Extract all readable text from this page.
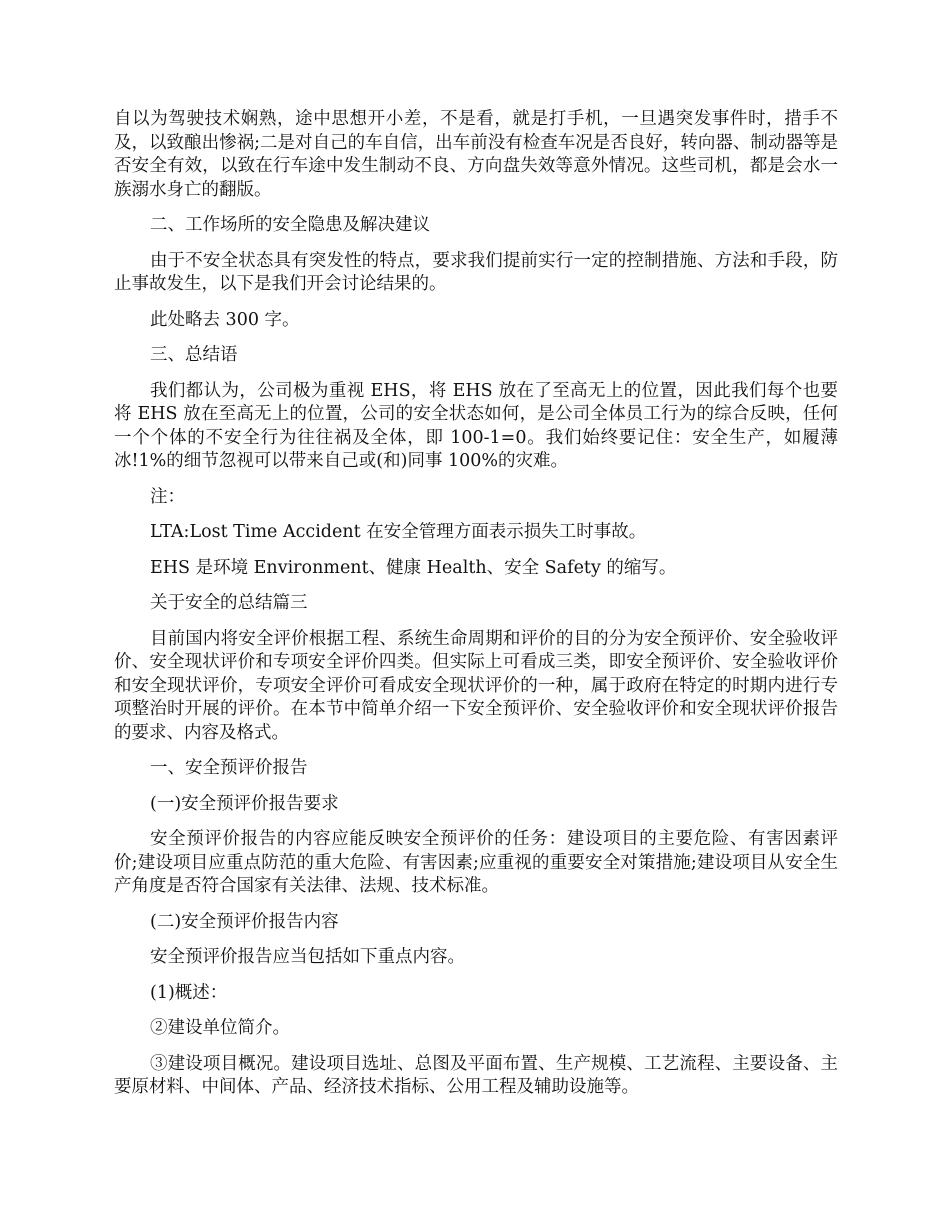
自以为驾驶技术娴熟，途中思想开小差，不是看，就是打手机，一旦遇突发事件时，措手不及，以致酿出惨祸;二是对自己的车自信，出车前没有检查车况是否良好，转向器、制动器等是否安全有效，以致在行车途中发生制动不良、方向盘失效等意外情况。这些司机，都是会水一族溺水身亡的翻版。

二、工作场所的安全隐患及解决建议

由于不安全状态具有突发性的特点，要求我们提前实行一定的控制措施、方法和手段，防止事故发生，以下是我们开会讨论结果的。

此处略去 300 字。

三、总结语

我们都认为，公司极为重视 EHS，将 EHS 放在了至高无上的位置，因此我们每个也要将 EHS 放在至高无上的位置，公司的安全状态如何，是公司全体员工行为的综合反映，任何一个个体的不安全行为往往祸及全体，即 100-1=0。我们始终要记住：安全生产，如履薄冰!1%的细节忽视可以带来自己或(和)同事 100%的灾难。

注：

LTA:Lost Time Accident 在安全管理方面表示损失工时事故。

EHS 是环境 Environment、健康 Health、安全 Safety 的缩写。

关于安全的总结篇三

目前国内将安全评价根据工程、系统生命周期和评价的目的分为安全预评价、安全验收评价、安全现状评价和专项安全评价四类。但实际上可看成三类，即安全预评价、安全验收评价和安全现状评价，专项安全评价可看成安全现状评价的一种，属于政府在特定的时期内进行专项整治时开展的评价。在本节中简单介绍一下安全预评价、安全验收评价和安全现状评价报告的要求、内容及格式。

一、安全预评价报告

(一)安全预评价报告要求

安全预评价报告的内容应能反映安全预评价的任务：建设项目的主要危险、有害因素评价;建设项目应重点防范的重大危险、有害因素;应重视的重要安全对策措施;建设项目从安全生产角度是否符合国家有关法律、法规、技术标准。

(二)安全预评价报告内容

安全预评价报告应当包括如下重点内容。

(1)概述：

②建设单位简介。

③建设项目概况。建设项目选址、总图及平面布置、生产规模、工艺流程、主要设备、主要原材料、中间体、产品、经济技术指标、公用工程及辅助设施等。
